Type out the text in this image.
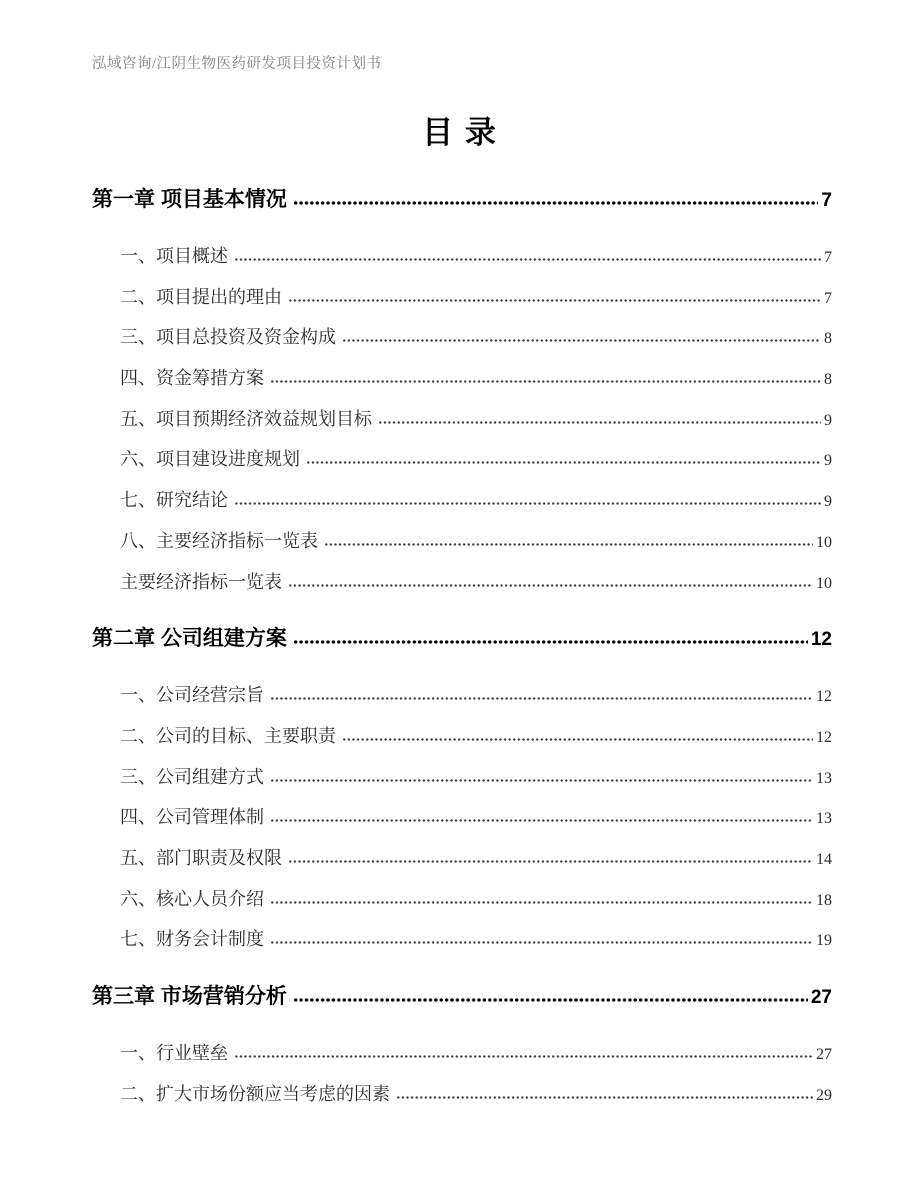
泓域咨询/江阴生物医药研发项目投资计划书
目 录
第一章 项目基本情况	7
一、 项目概述	7
二、 项目提出的理由	7
三、 项目总投资及资金构成	8
四、 资金筹措方案	8
五、 项目预期经济效益规划目标	9
六、 项目建设进度规划	9
七、 研究结论	9
八、 主要经济指标一览表	10
主要经济指标一览表	10
第二章 公司组建方案	12
一、 公司经营宗旨	12
二、 公司的目标、主要职责	12
三、 公司组建方式	13
四、 公司管理体制	13
五、 部门职责及权限	14
六、 核心人员介绍	18
七、 财务会计制度	19
第三章 市场营销分析	27
一、 行业壁垒	27
二、 扩大市场份额应当考虑的因素	29
